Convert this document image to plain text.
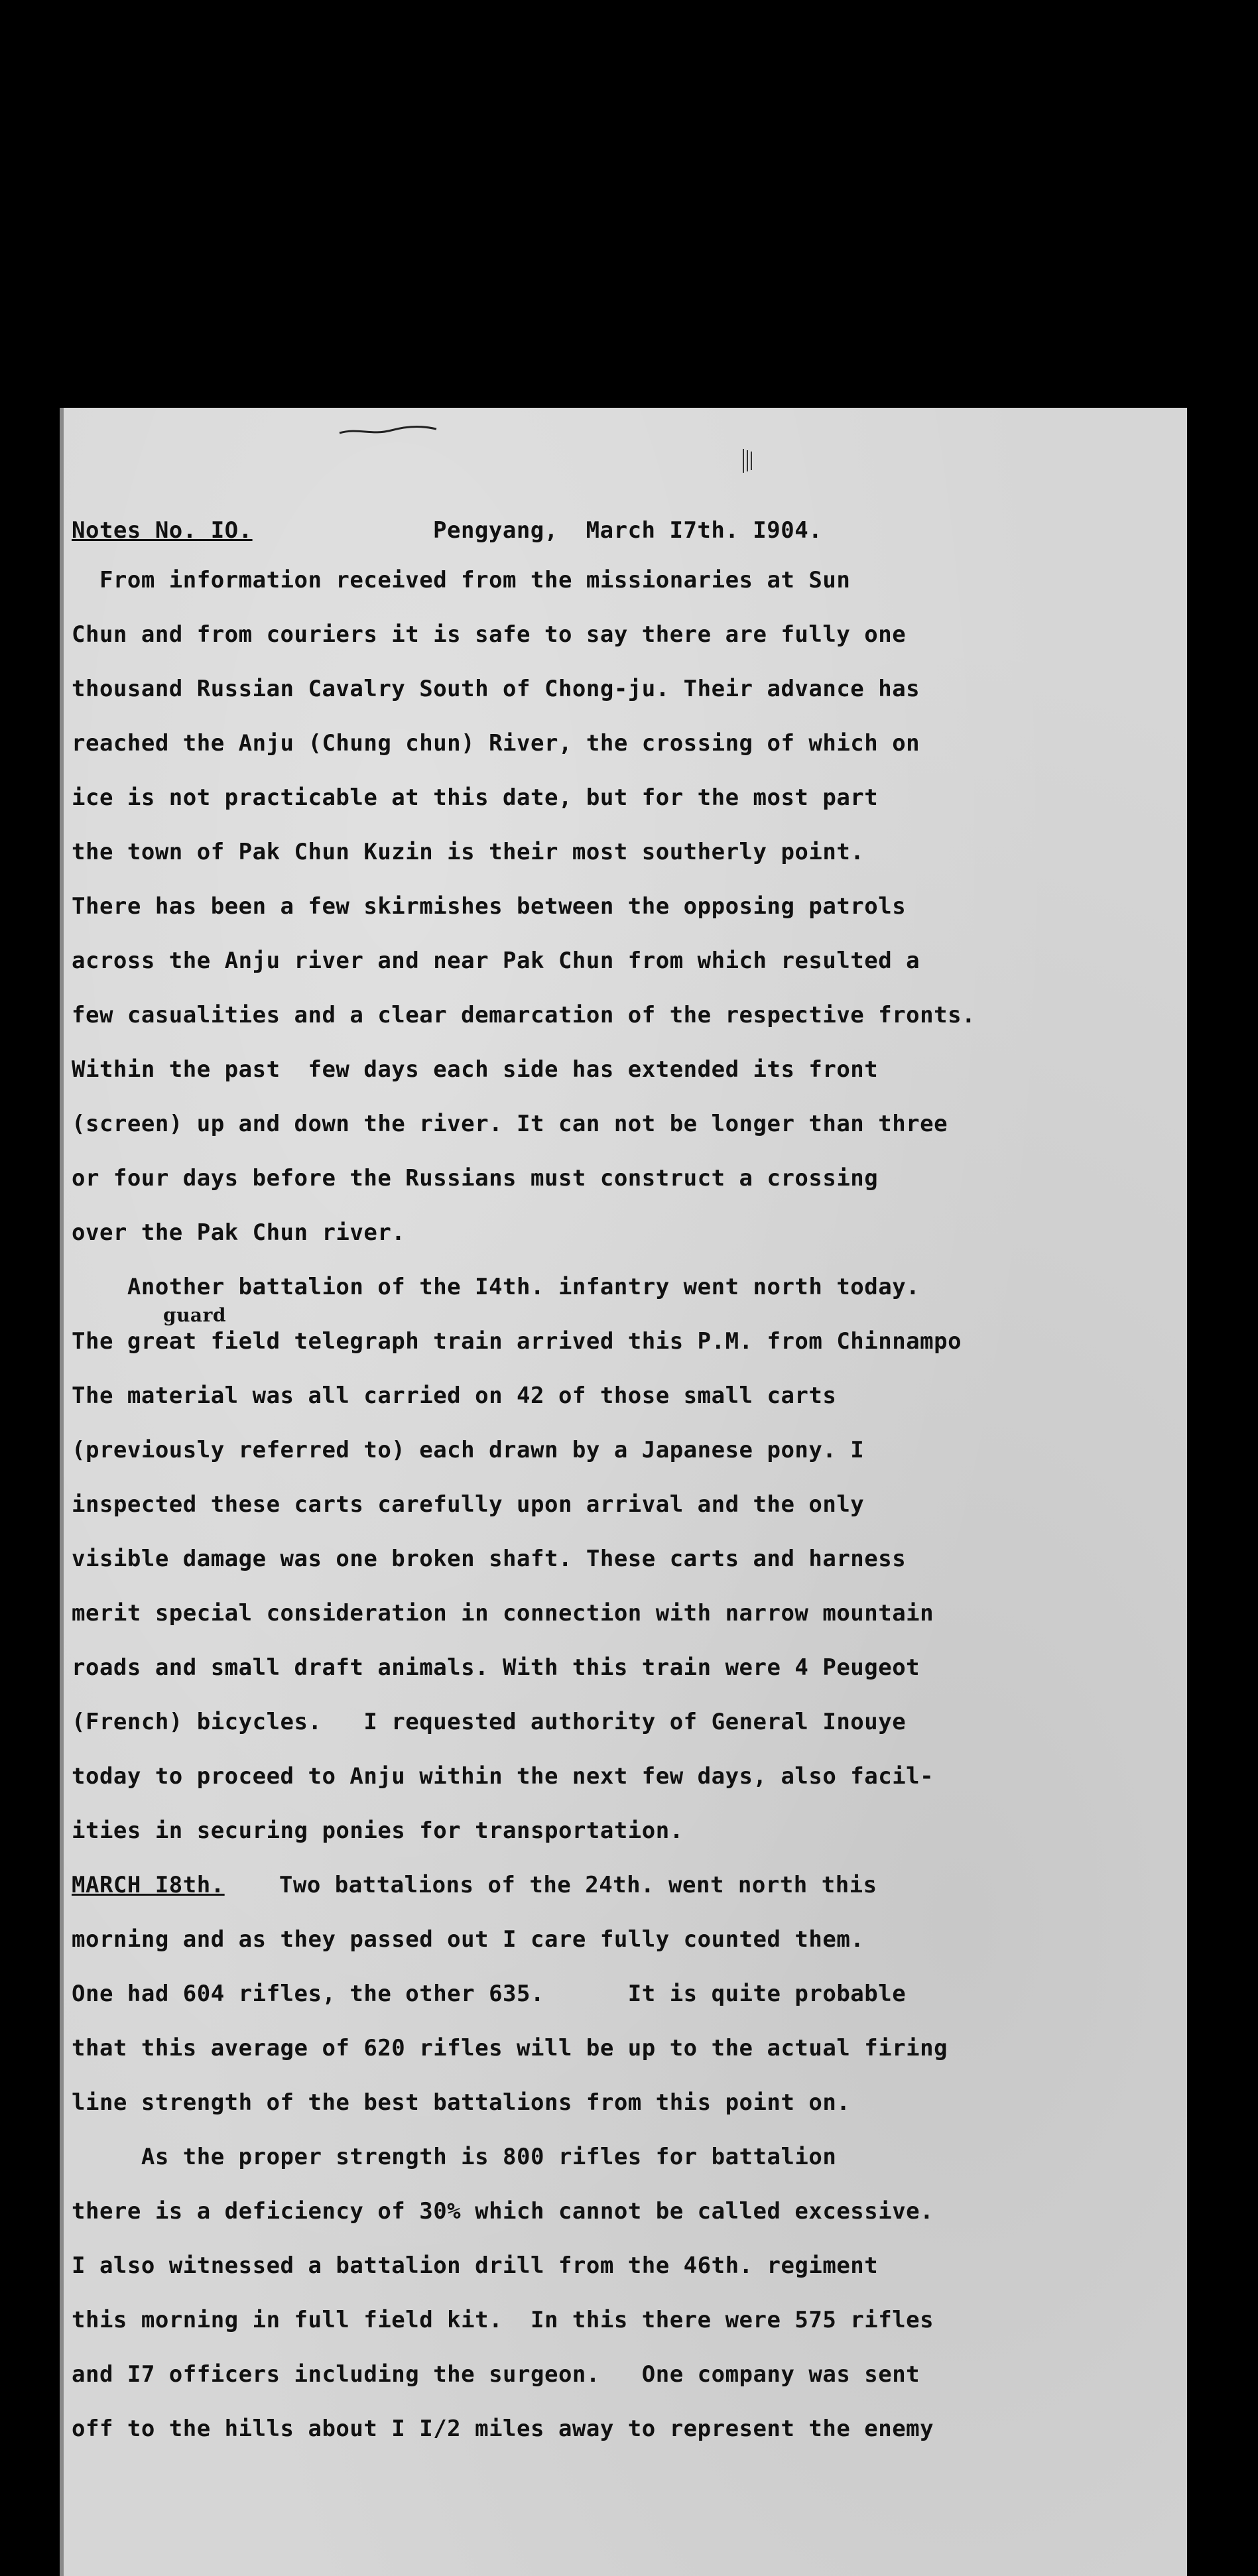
Notes No. IO.

	Pengyang,  March I7th. I904.

From information received from the missionaries at Sun

Chun and from couriers it is safe to say there are fully one

thousand Russian Cavalry South of Chong-ju. Their advance has

reached the Anju (Chung chun) River, the crossing of which on

ice is not practicable at this date, but for the most part

the town of Pak Chun Kuzin is their most southerly point.

There has been a few skirmishes between the opposing patrols

across the Anju river and near Pak Chun from which resulted a

few casualities and a clear demarcation of the respective fronts.

Within the past  few days each side has extended its front

(screen) up and down the river. It can not be longer than three

or four days before the Russians must construct a crossing

over the Pak Chun river.

Another battalion of the I4th. infantry went north today.

guard

The great field telegraph train arrived this P.M. from Chinnampo

The material was all carried on 42 of those small carts

(previously referred to) each drawn by a Japanese pony. I

inspected these carts carefully upon arrival and the only

visible damage was one broken shaft. These carts and harness

merit special consideration in connection with narrow mountain

roads and small draft animals. With this train were 4 Peugeot

(French) bicycles.   I requested authority of General Inouye

today to proceed to Anju within the next few days, also facil-

ities in securing ponies for transportation.

MARCH I8th.

Two battalions of the 24th. went north this

morning and as they passed out I care fully counted them.

One had 604 rifles, the other 635.      It is quite probable

that this average of 620 rifles will be up to the actual firing

line strength of the best battalions from this point on.

As the proper strength is 800 rifles for battalion

there is a deficiency of 30% which cannot be called excessive.

I also witnessed a battalion drill from the 46th. regiment

this morning in full field kit.  In this there were 575 rifles

and I7 officers including the surgeon.   One company was sent

off to the hills about I I/2 miles away to represent the enemy
